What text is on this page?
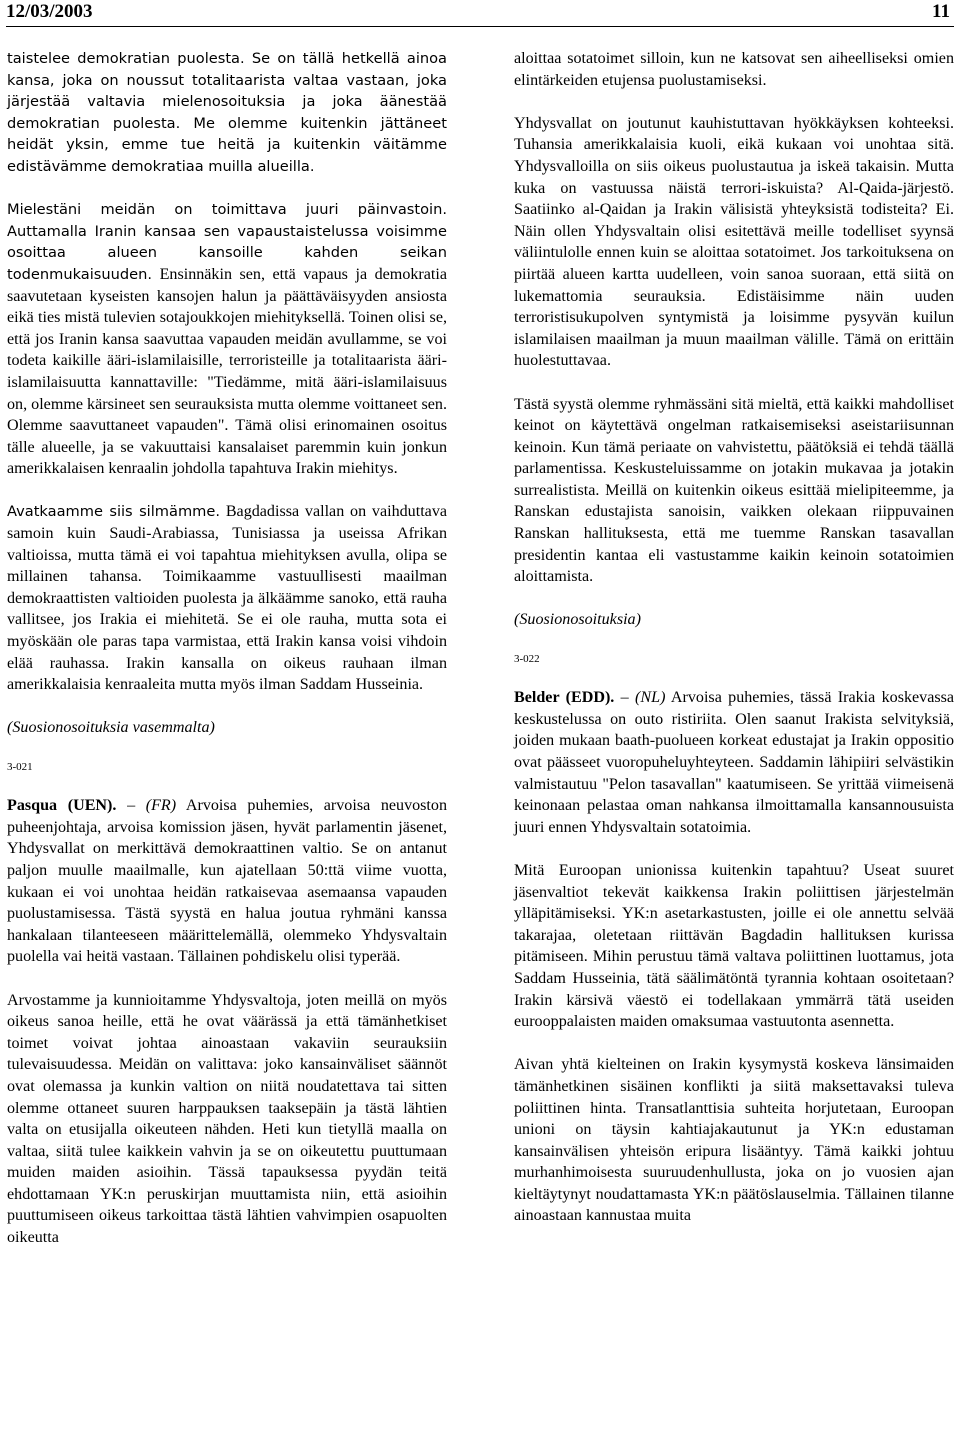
12/03/2003	11

taistelee demokratian puolesta. Se on tällä hetkellä ainoa kansa, joka on noussut totalitaarista valtaa vastaan, joka järjestää valtavia mielenosoituksia ja joka äänestää demokratian puolesta. Me olemme kuitenkin jättäneet heidät yksin, emme tue heitä ja kuitenkin väitämme edistävämme demokratiaa muilla alueilla.

Mielestäni meidän on toimittava juuri päinvastoin. Auttamalla Iranin kansaa sen vapaustaistelussa voisimme osoittaa alueen kansoille kahden seikan todenmukaisuuden. Ensinnäkin sen, että vapaus ja demokratia saavutetaan kyseisten kansojen halun ja päättäväisyyden ansiosta eikä ties mistä tulevien sotajoukkojen miehityksellä. Toinen olisi se, että jos Iranin kansa saavuttaa vapauden meidän avullamme, se voi todeta kaikille ääri-islamilaisille, terroristeille ja totalitaarista ääri-islamilaisuutta kannattaville: "Tiedämme, mitä ääri-islamilaisuus on, olemme kärsineet sen seurauksista mutta olemme voittaneet sen. Olemme saavuttaneet vapauden". Tämä olisi erinomainen osoitus tälle alueelle, ja se vakuuttaisi kansalaiset paremmin kuin jonkun amerikkalaisen kenraalin johdolla tapahtuva Irakin miehitys.

Avatkaamme siis silmämme. Bagdadissa vallan on vaihduttava samoin kuin Saudi-Arabiassa, Tunisiassa ja useissa Afrikan valtioissa, mutta tämä ei voi tapahtua miehityksen avulla, olipa se millainen tahansa. Toimikaamme vastuullisesti maailman demokraattisten valtioiden puolesta ja älkäämme sanoko, että rauha vallitsee, jos Irakia ei miehitetä. Se ei ole rauha, mutta sota ei myöskään ole paras tapa varmistaa, että Irakin kansa voisi vihdoin elää rauhassa. Irakin kansalla on oikeus rauhaan ilman amerikkalaisia kenraaleita mutta myös ilman Saddam Husseinia.

(Suosionosoituksia vasemmalta)

3-021

Pasqua (UEN). – (FR) Arvoisa puhemies, arvoisa neuvoston puheenjohtaja, arvoisa komission jäsen, hyvät parlamentin jäsenet, Yhdysvallat on merkittävä demokraattinen valtio. Se on antanut paljon muulle maailmalle, kun ajatellaan 50:ttä viime vuotta, kukaan ei voi unohtaa heidän ratkaisevaa asemaansa vapauden puolustamisessa. Tästä syystä en halua joutua ryhmäni kanssa hankalaan tilanteeseen määrittelemällä, olemmeko Yhdysvaltain puolella vai heitä vastaan. Tällainen pohdiskelu olisi typerää.

Arvostamme ja kunnioitamme Yhdysvaltoja, joten meillä on myös oikeus sanoa heille, että he ovat väärässä ja että tämänhetkiset toimet voivat johtaa ainoastaan vakaviin seurauksiin tulevaisuudessa. Meidän on valittava: joko kansainväliset säännöt ovat olemassa ja kunkin valtion on niitä noudatettava tai sitten olemme ottaneet suuren harppauksen taaksepäin ja tästä lähtien valta on etusijalla oikeuteen nähden. Heti kun tietyllä maalla on valtaa, siitä tulee kaikkein vahvin ja se on oikeutettu puuttumaan muiden maiden asioihin. Tässä tapauksessa pyydän teitä ehdottamaan YK:n peruskirjan muuttamista niin, että asioihin puuttumiseen oikeus tarkoittaa tästä lähtien vahvimpien osapuolten oikeutta

aloittaa sotatoimet silloin, kun ne katsovat sen aiheelliseksi omien elintärkeiden etujensa puolustamiseksi.

Yhdysvallat on joutunut kauhistuttavan hyökkäyksen kohteeksi. Tuhansia amerikkalaisia kuoli, eikä kukaan voi unohtaa sitä. Yhdysvalloilla on siis oikeus puolustautua ja iskeä takaisin. Mutta kuka on vastuussa näistä terrori-iskuista? Al-Qaida-järjestö. Saatiinko al-Qaidan ja Irakin välisistä yhteyksistä todisteita? Ei. Näin ollen Yhdysvaltain olisi esitettävä meille todelliset syynsä väliintulolle ennen kuin se aloittaa sotatoimet. Jos tarkoituksena on piirtää alueen kartta uudelleen, voin sanoa suoraan, että siitä on lukemattomia seurauksia. Edistäisimme näin uuden terroristisukupolven syntymistä ja loisimme pysyvän kuilun islamilaisen maailman ja muun maailman välille. Tämä on erittäin huolestuttavaa.

Tästä syystä olemme ryhmässäni sitä mieltä, että kaikki mahdolliset keinot on käytettävä ongelman ratkaisemiseksi aseistariisunnan keinoin. Kun tämä periaate on vahvistettu, päätöksiä ei tehdä täällä parlamentissa. Keskusteluissamme on jotakin mukavaa ja jotakin surrealistista. Meillä on kuitenkin oikeus esittää mielipiteemme, ja Ranskan edustajista sanoisin, vaikken olekaan riippuvainen Ranskan hallituksesta, että me tuemme Ranskan tasavallan presidentin kantaa eli vastustamme kaikin keinoin sotatoimien aloittamista.

(Suosionosoituksia)

3-022

Belder (EDD). – (NL) Arvoisa puhemies, tässä Irakia koskevassa keskustelussa on outo ristiriita. Olen saanut Irakista selvityksiä, joiden mukaan baath-puolueen korkeat edustajat ja Irakin oppositio ovat päässeet vuoropuheluyhteyteen. Saddamin lähipiiri selvästikin valmistautuu "Pelon tasavallan" kaatumiseen. Se yrittää viimeisenä keinonaan pelastaa oman nahkansa ilmoittamalla kansannousuista juuri ennen Yhdysvaltain sotatoimia.

Mitä Euroopan unionissa kuitenkin tapahtuu? Useat suuret jäsenvaltiot tekevät kaikkensa Irakin poliittisen järjestelmän ylläpitämiseksi. YK:n asetarkastusten, joille ei ole annettu selvää takarajaa, oletetaan riittävän Bagdadin hallituksen kurissa pitämiseen. Mihin perustuu tämä valtava poliittinen luottamus, jota Saddam Husseinia, tätä säälimätöntä tyrannia kohtaan osoitetaan? Irakin kärsivä väestö ei todellakaan ymmärrä tätä useiden eurooppalaisten maiden omaksumaa vastuutonta asennetta.

Aivan yhtä kielteinen on Irakin kysymystä koskeva länsimaiden tämänhetkinen sisäinen konflikti ja siitä maksettavaksi tuleva poliittinen hinta. Transatlanttisia suhteita horjutetaan, Euroopan unioni on täysin kahtiajakautunut ja YK:n edustaman kansainvälisen yhteisön eripura lisääntyy. Tämä kaikki johtuu murhanhimoisesta suuruudenhullusta, joka on jo vuosien ajan kieltäytynyt noudattamasta YK:n päätöslauselmia. Tällainen tilanne ainoastaan kannustaa muita
